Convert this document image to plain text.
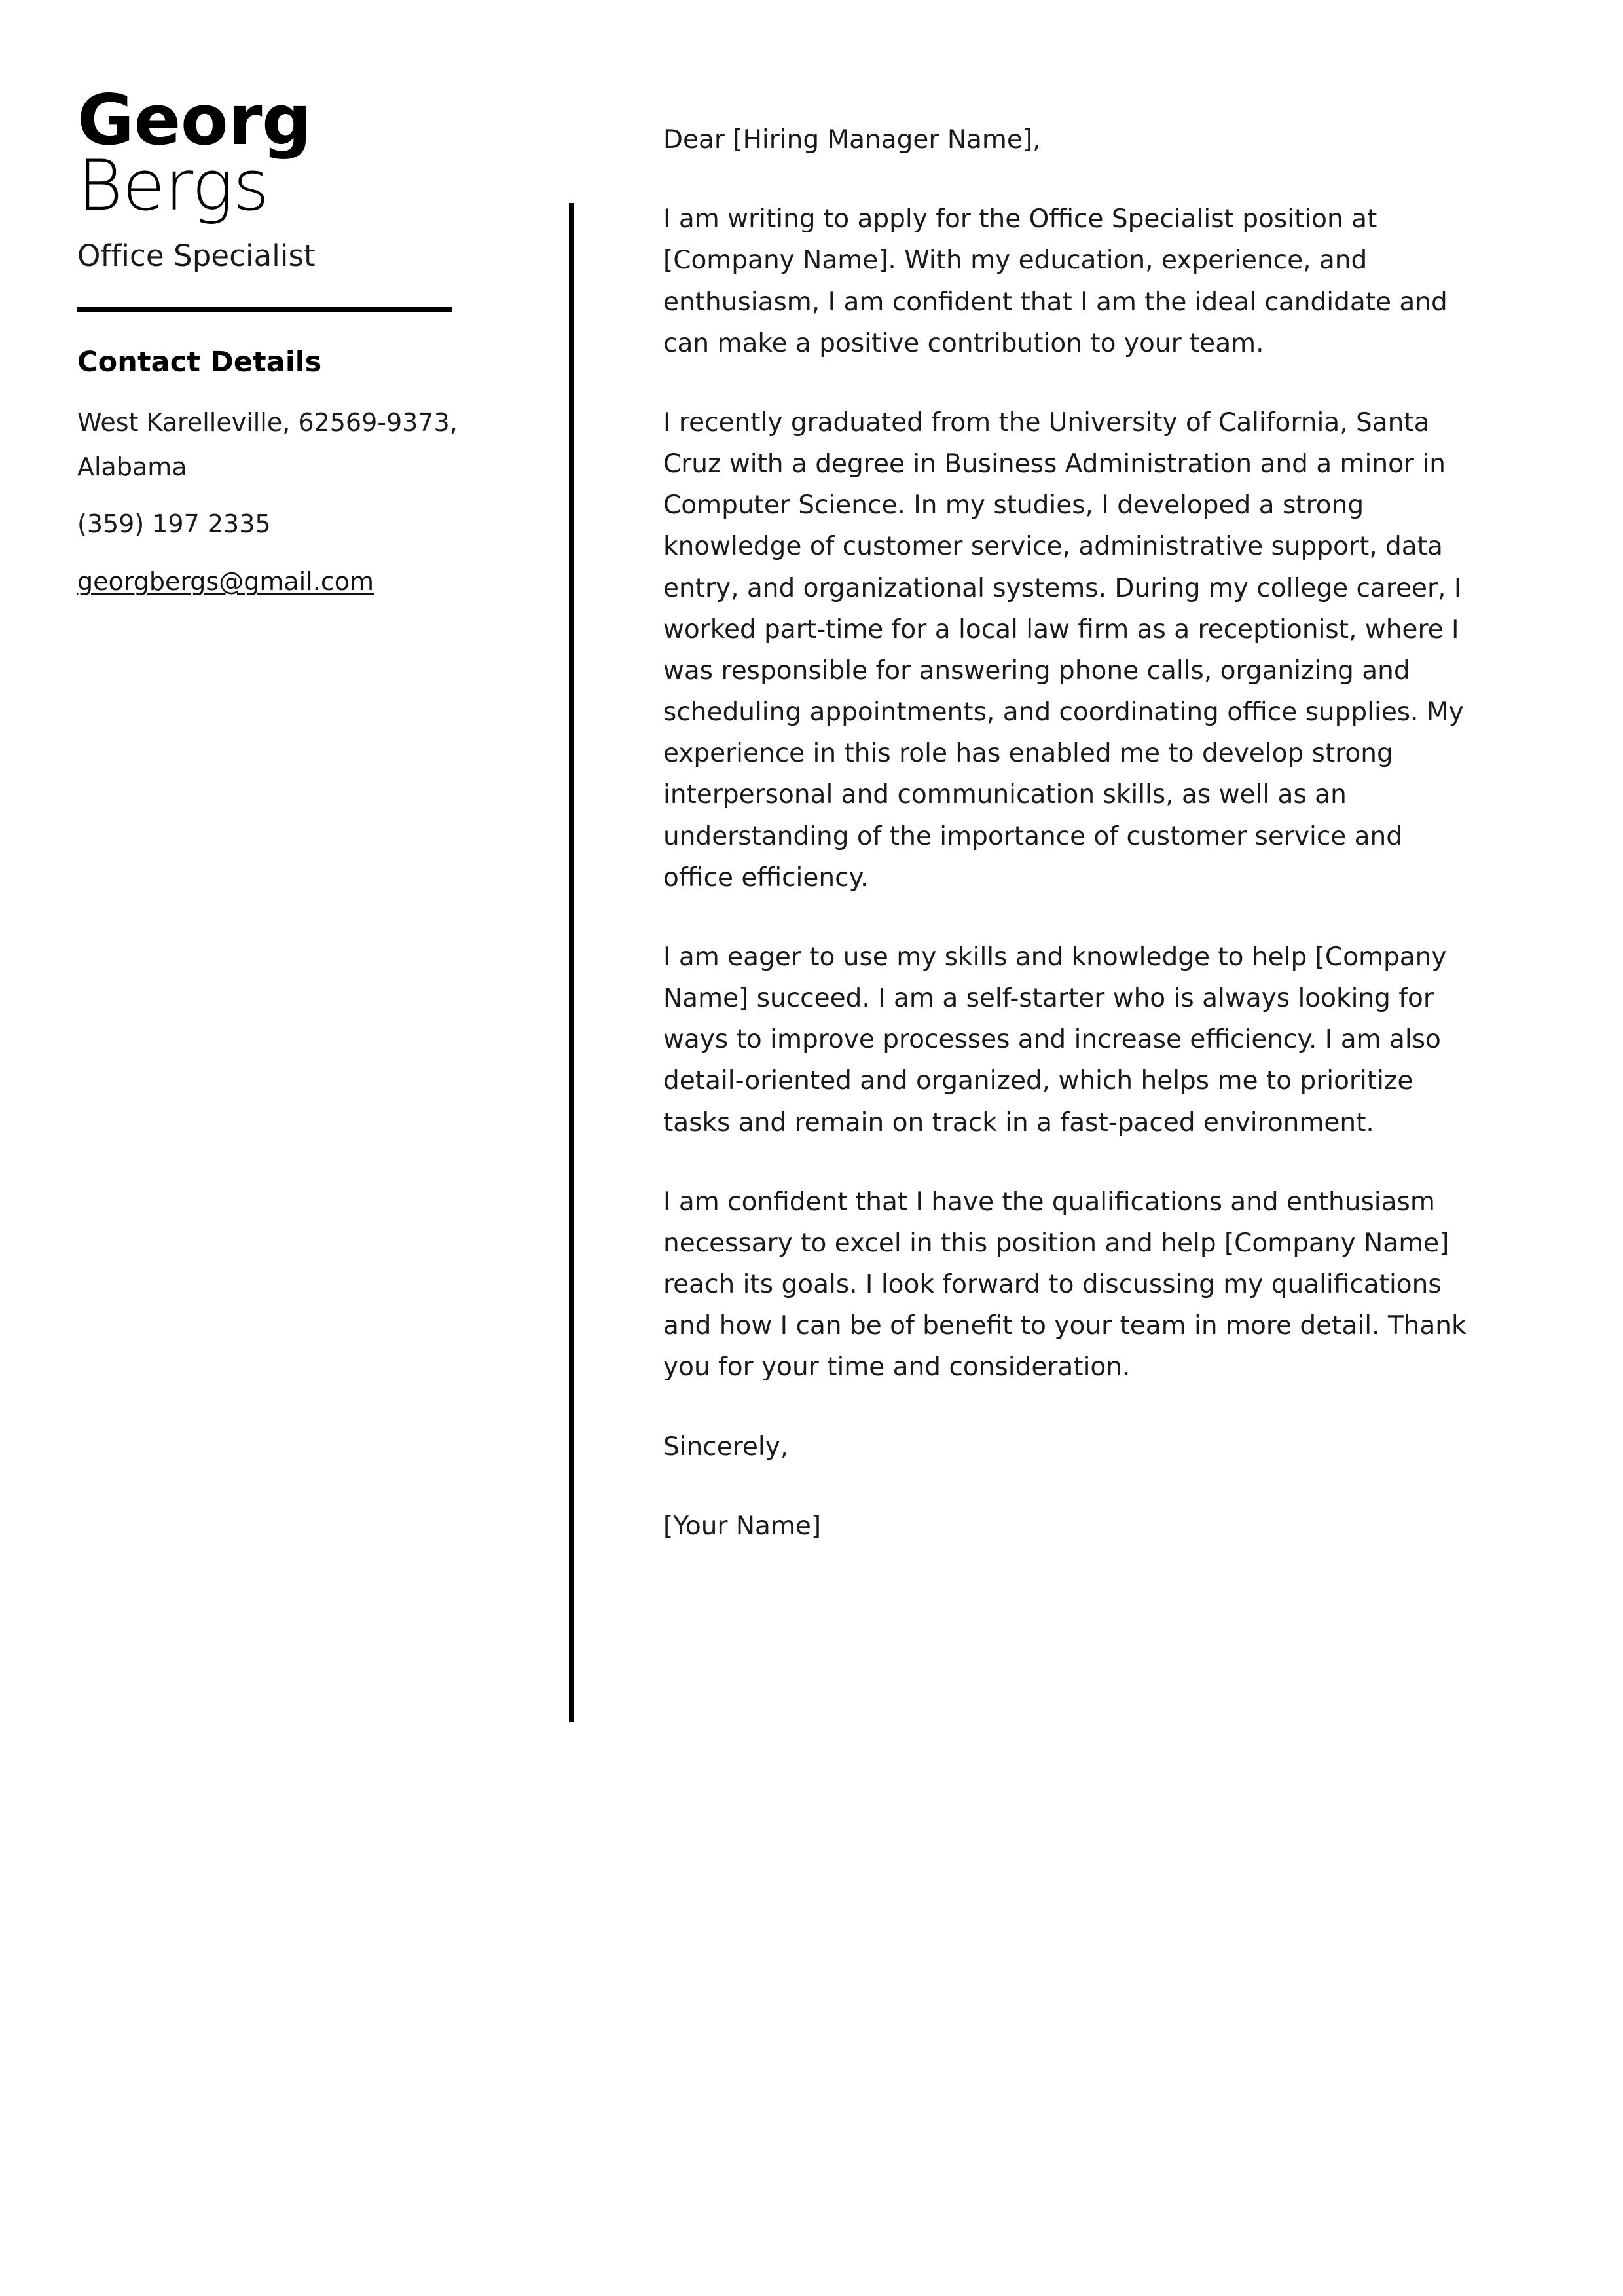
Georg
Bergs
Office Specialist
Contact Details
West Karelleville, 62569-9373, Alabama
(359) 197 2335
georgbergs@gmail.com

Dear [Hiring Manager Name],

I am writing to apply for the Office Specialist position at [Company Name]. With my education, experience, and enthusiasm, I am confident that I am the ideal candidate and can make a positive contribution to your team.

I recently graduated from the University of California, Santa Cruz with a degree in Business Administration and a minor in Computer Science. In my studies, I developed a strong knowledge of customer service, administrative support, data entry, and organizational systems. During my college career, I worked part-time for a local law firm as a receptionist, where I was responsible for answering phone calls, organizing and scheduling appointments, and coordinating office supplies. My experience in this role has enabled me to develop strong interpersonal and communication skills, as well as an understanding of the importance of customer service and office efficiency.

I am eager to use my skills and knowledge to help [Company Name] succeed. I am a self-starter who is always looking for ways to improve processes and increase efficiency. I am also detail-oriented and organized, which helps me to prioritize tasks and remain on track in a fast-paced environment.

I am confident that I have the qualifications and enthusiasm necessary to excel in this position and help [Company Name] reach its goals. I look forward to discussing my qualifications and how I can be of benefit to your team in more detail. Thank you for your time and consideration.

Sincerely,

[Your Name]
